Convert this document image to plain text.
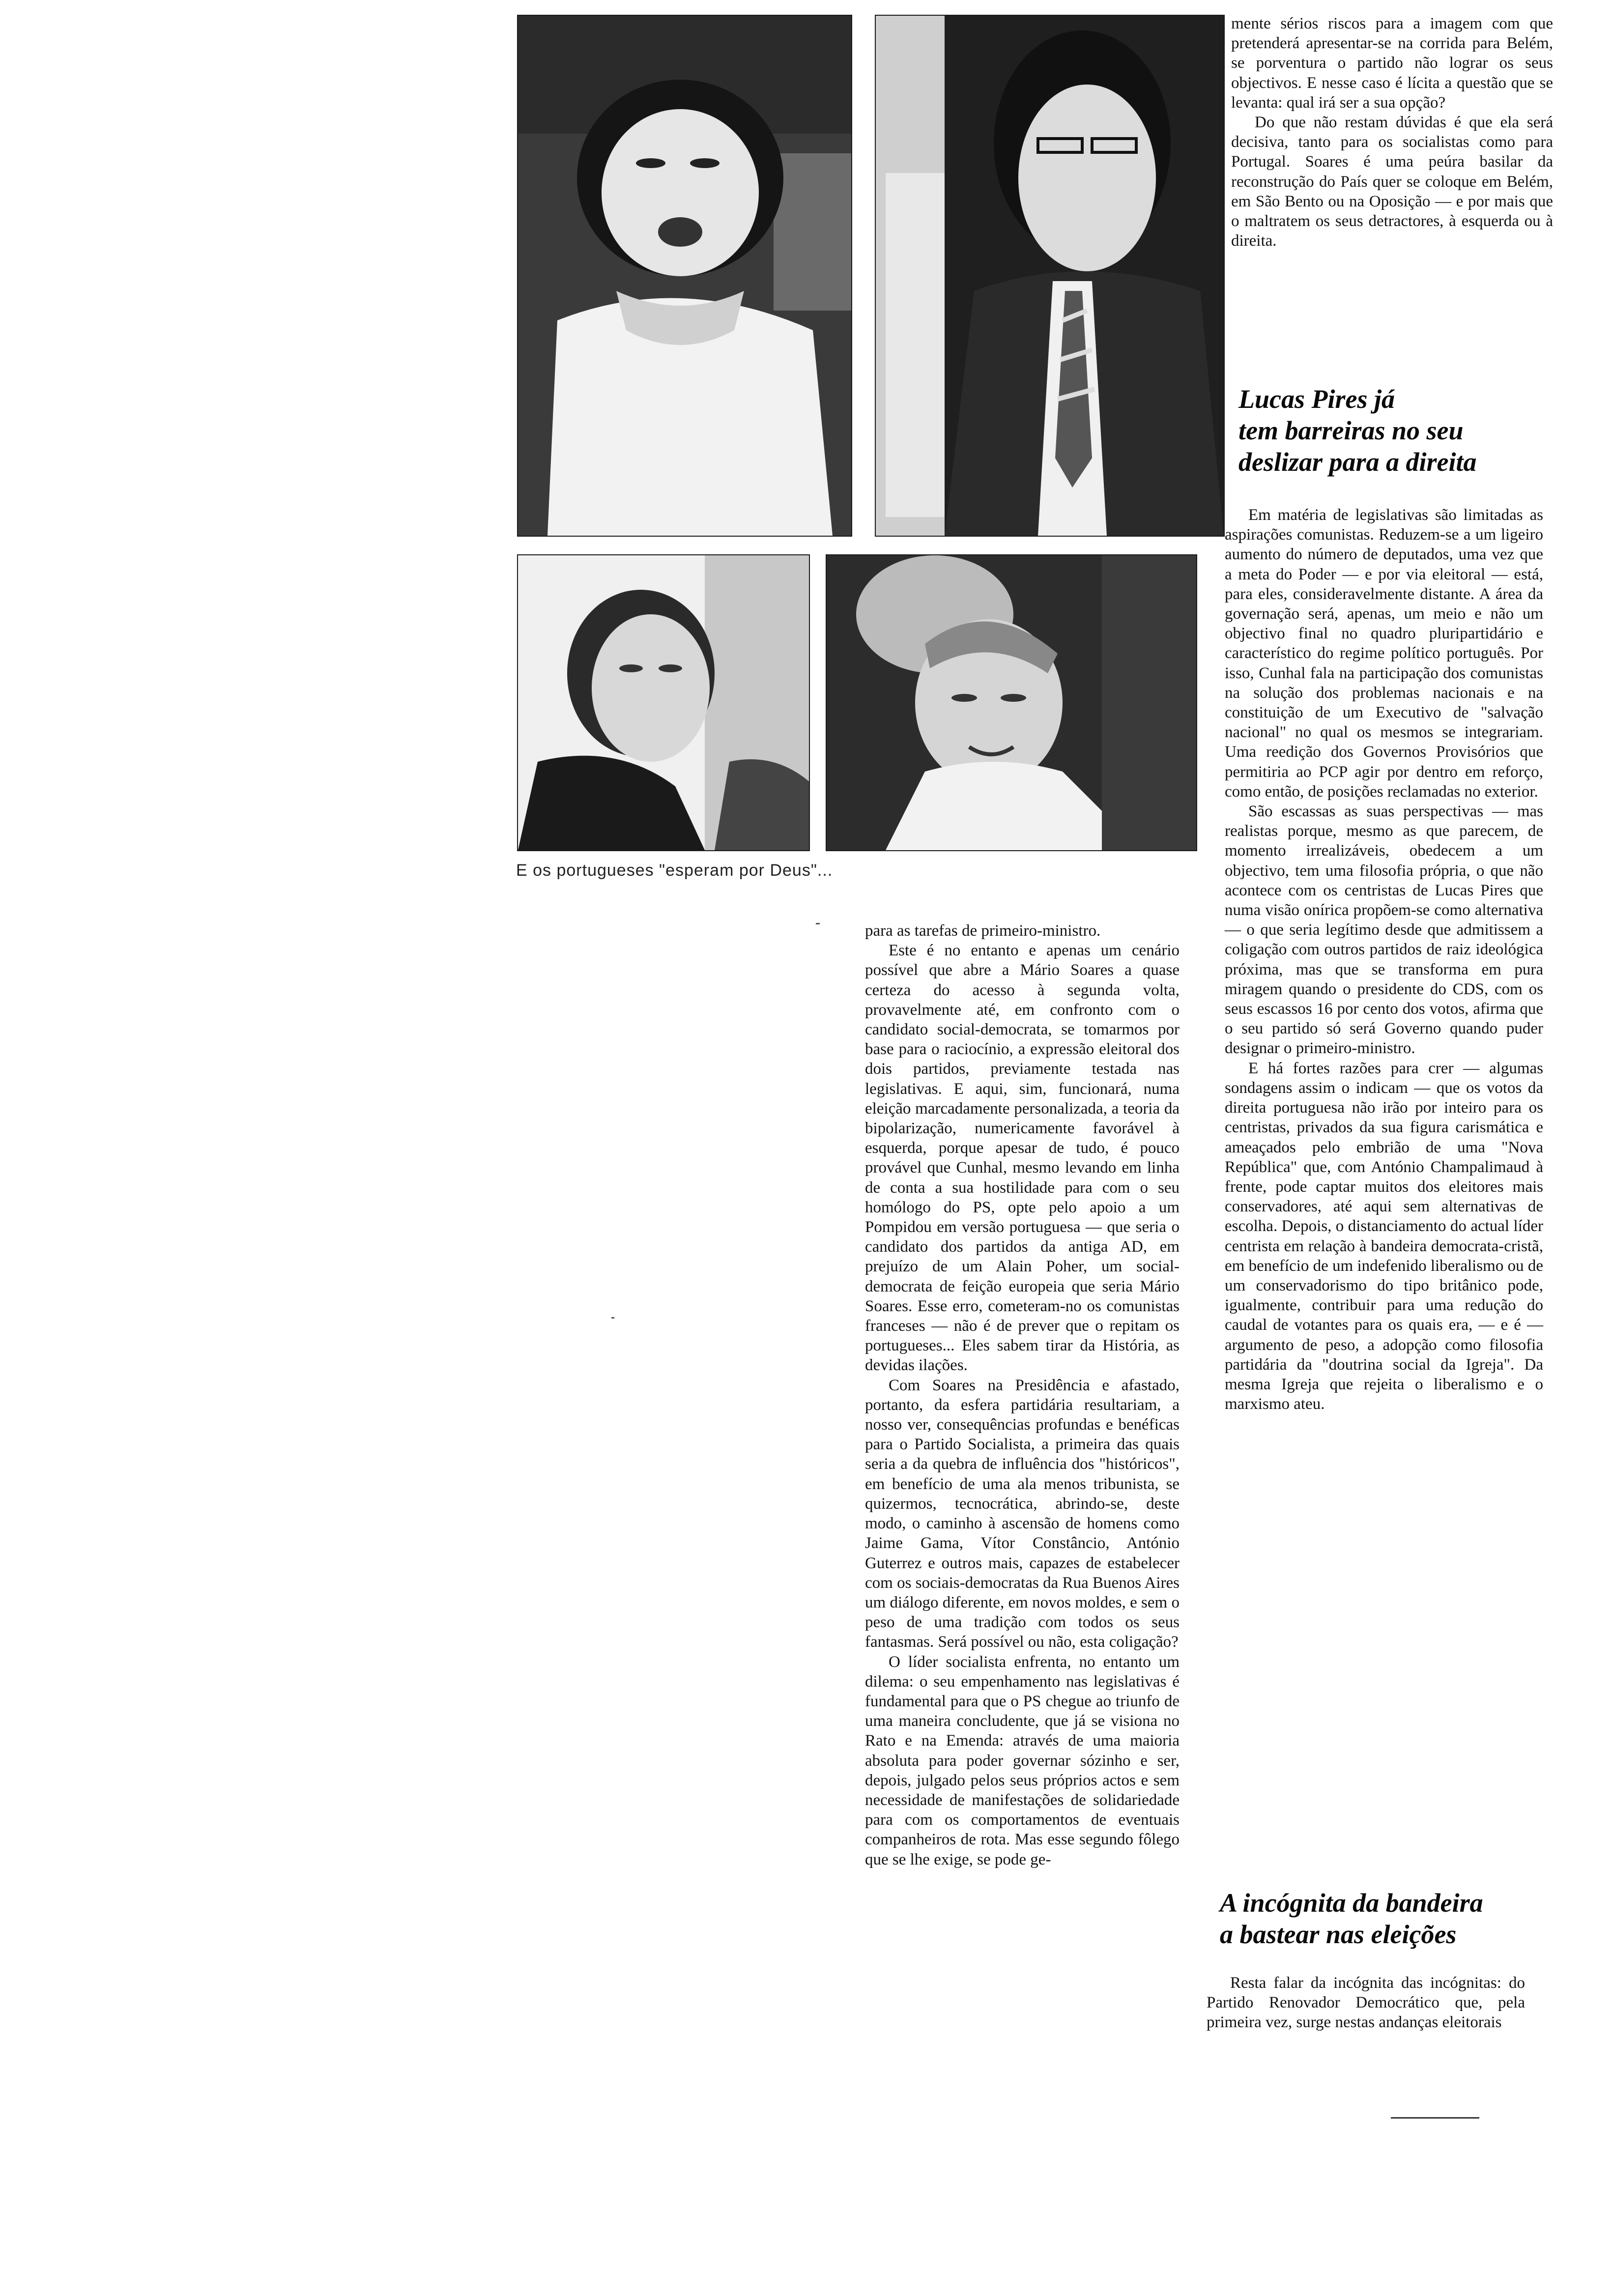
E os portugueses "esperam por Deus"...

para as tarefas de primeiro-ministro.

Este é no entanto e apenas um cenário possível que abre a Mário Soares a quase certeza do acesso à segunda volta, provavelmente até, em confronto com o candidato social-democrata, se tomarmos por base para o raciocínio, a expressão eleitoral dos dois partidos, previamente testada nas legislativas. E aqui, sim, funcionará, numa eleição marcadamente personalizada, a teoria da bipolarização, numericamente favorável à esquerda, porque apesar de tudo, é pouco provável que Cunhal, mesmo levando em linha de conta a sua hostilidade para com o seu homólogo do PS, opte pelo apoio a um Pompidou em versão portuguesa — que seria o candidato dos partidos da antiga AD, em prejuízo de um Alain Poher, um social-democrata de feição europeia que seria Mário Soares. Esse erro, cometeram-no os comunistas franceses — não é de prever que o repitam os portugueses... Eles sabem tirar da História, as devidas ilações.

Com Soares na Presidência e afastado, portanto, da esfera partidária resultariam, a nosso ver, consequências profundas e benéficas para o Partido Socialista, a primeira das quais seria a da quebra de influência dos "históricos", em benefício de uma ala menos tribunista, se quizermos, tecnocrática, abrindo-se, deste modo, o caminho à ascensão de homens como Jaime Gama, Vítor Constâncio, António Guterrez e outros mais, capazes de estabelecer com os sociais-democratas da Rua Buenos Aires um diálogo diferente, em novos moldes, e sem o peso de uma tradição com todos os seus fantasmas. Será possível ou não, esta coligação?

O líder socialista enfrenta, no entanto um dilema: o seu empenhamento nas legislativas é fundamental para que o PS chegue ao triunfo de uma maneira concludente, que já se visiona no Rato e na Emenda: através de uma maioria absoluta para poder governar sózinho e ser, depois, julgado pelos seus próprios actos e sem necessidade de manifestações de solidariedade para com os comportamentos de eventuais companheiros de rota. Mas esse segundo fôlego que se lhe exige, se pode ge-

mente sérios riscos para a imagem com que pretenderá apresentar-se na corrida para Belém, se porventura o partido não lograr os seus objectivos. E nesse caso é lícita a questão que se levanta: qual irá ser a sua opção?

Do que não restam dúvidas é que ela será decisiva, tanto para os socialistas como para Portugal. Soares é uma peúra basilar da reconstrução do País quer se coloque em Belém, em São Bento ou na Oposição — e por mais que o maltratem os seus detractores, à esquerda ou à direita.

Lucas Pires já
tem barreiras no seu
deslizar para a direita

Em matéria de legislativas são limitadas as aspirações comunistas. Reduzem-se a um ligeiro aumento do número de deputados, uma vez que a meta do Poder — e por via eleitoral — está, para eles, consideravelmente distante. A área da governação será, apenas, um meio e não um objectivo final no quadro pluripartidário e característico do regime político português. Por isso, Cunhal fala na participação dos comunistas na solução dos problemas nacionais e na constituição de um Executivo de "salvação nacional" no qual os mesmos se integrariam. Uma reedição dos Governos Provisórios que permitiria ao PCP agir por dentro em reforço, como então, de posições reclamadas no exterior.

São escassas as suas perspectivas — mas realistas porque, mesmo as que parecem, de momento irrealizáveis, obedecem a um objectivo, tem uma filosofia própria, o que não acontece com os centristas de Lucas Pires que numa visão onírica propõem-se como alternativa — o que seria legítimo desde que admitissem a coligação com outros partidos de raiz ideológica próxima, mas que se transforma em pura miragem quando o presidente do CDS, com os seus escassos 16 por cento dos votos, afirma que o seu partido só será Governo quando puder designar o primeiro-ministro.

E há fortes razões para crer — algumas sondagens assim o indicam — que os votos da direita portuguesa não irão por inteiro para os centristas, privados da sua figura carismática e ameaçados pelo embrião de uma "Nova República" que, com António Champalimaud à frente, pode captar muitos dos eleitores mais conservadores, até aqui sem alternativas de escolha. Depois, o distanciamento do actual líder centrista em relação à bandeira democrata-cristã, em benefício de um indefenido liberalismo ou de um conservadorismo do tipo britânico pode, igualmente, contribuir para uma redução do caudal de votantes para os quais era, — e é — argumento de peso, a adopção como filosofia partidária da "doutrina social da Igreja". Da mesma Igreja que rejeita o liberalismo e o marxismo ateu.

A incógnita da bandeira
a bastear nas eleições

Resta falar da incógnita das incógnitas: do Partido Renovador Democrático que, pela primeira vez, surge nestas andanças eleitorais
